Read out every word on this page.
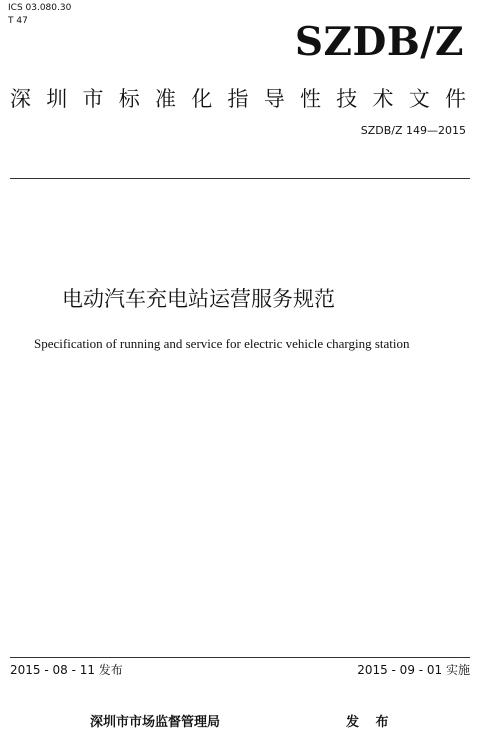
ICS 03.080.30
T 47	SZDB/Z
深圳市标准化指导性技术文件
SZDB/Z 149—2015
电动汽车充电站运营服务规范
Specification of running and service for electric vehicle charging station
2015 - 08 - 11 发布	2015 - 09 - 01 实施
深圳市市场监督管理局	发 布
